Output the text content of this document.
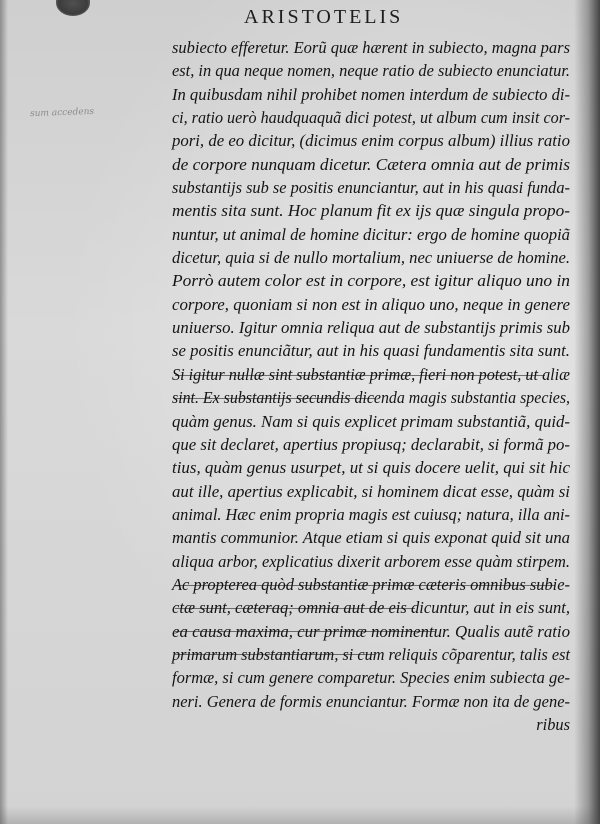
ARISTOTELIS
sum accedens
subiecto efferetur. Eorũ quæ hærent in subiecto, magna pars
est, in qua neque nomen, neque ratio de subiecto enunciatur.
In quibusdam nihil prohibet nomen interdum de subiecto di-
ci, ratio uerò haudquaquã dici potest, ut album cum insit cor-
pori, de eo dicitur, (dicimus enim corpus album) illius ratio
de corpore nunquam dicetur. Cætera omnia aut de primis
substantijs sub se positis enunciantur, aut in his quasi funda-
mentis sita sunt. Hoc planum fit ex ijs quæ singula propo-
nuntur, ut animal de homine dicitur: ergo de homine quopiã
dicetur, quia si de nullo mortalium, nec uniuerse de homine.
Porrò autem color est in corpore, est igitur aliquo uno in
corpore, quoniam si non est in aliquo uno, neque in genere
uniuerso. Igitur omnia reliqua aut de substantijs primis sub
se positis enunciãtur, aut in his quasi fundamentis sita sunt.
Si igitur nullæ sint substantiæ primæ, fieri non potest, ut aliæ
sint. Ex substantijs secundis dicenda magis substantia species,
quàm genus. Nam si quis explicet primam substantiã, quid-
que sit declaret, apertius propiusq; declarabit, si formã po-
tius, quàm genus usurpet, ut si quis docere uelit, qui sit hic
aut ille, apertius explicabit, si hominem dicat esse, quàm si
animal. Hæc enim propria magis est cuiusq; natura, illa ani-
mantis communior. Atque etiam si quis exponat quid sit una
aliqua arbor, explicatius dixerit arborem esse quàm stirpem.
Ac propterea quòd substantiæ primæ cæteris omnibus subie-
ctæ sunt, cæteraq; omnia aut de eis dicuntur, aut in eis sunt,
ea causa maxima, cur primæ nominentur. Qualis autẽ ratio
primarum substantiarum, si cum reliquis cõparentur, talis est
formæ, si cum genere comparetur. Species enim subiecta ge-
neri. Genera de formis enunciantur. Formæ non ita de gene-
ribus
